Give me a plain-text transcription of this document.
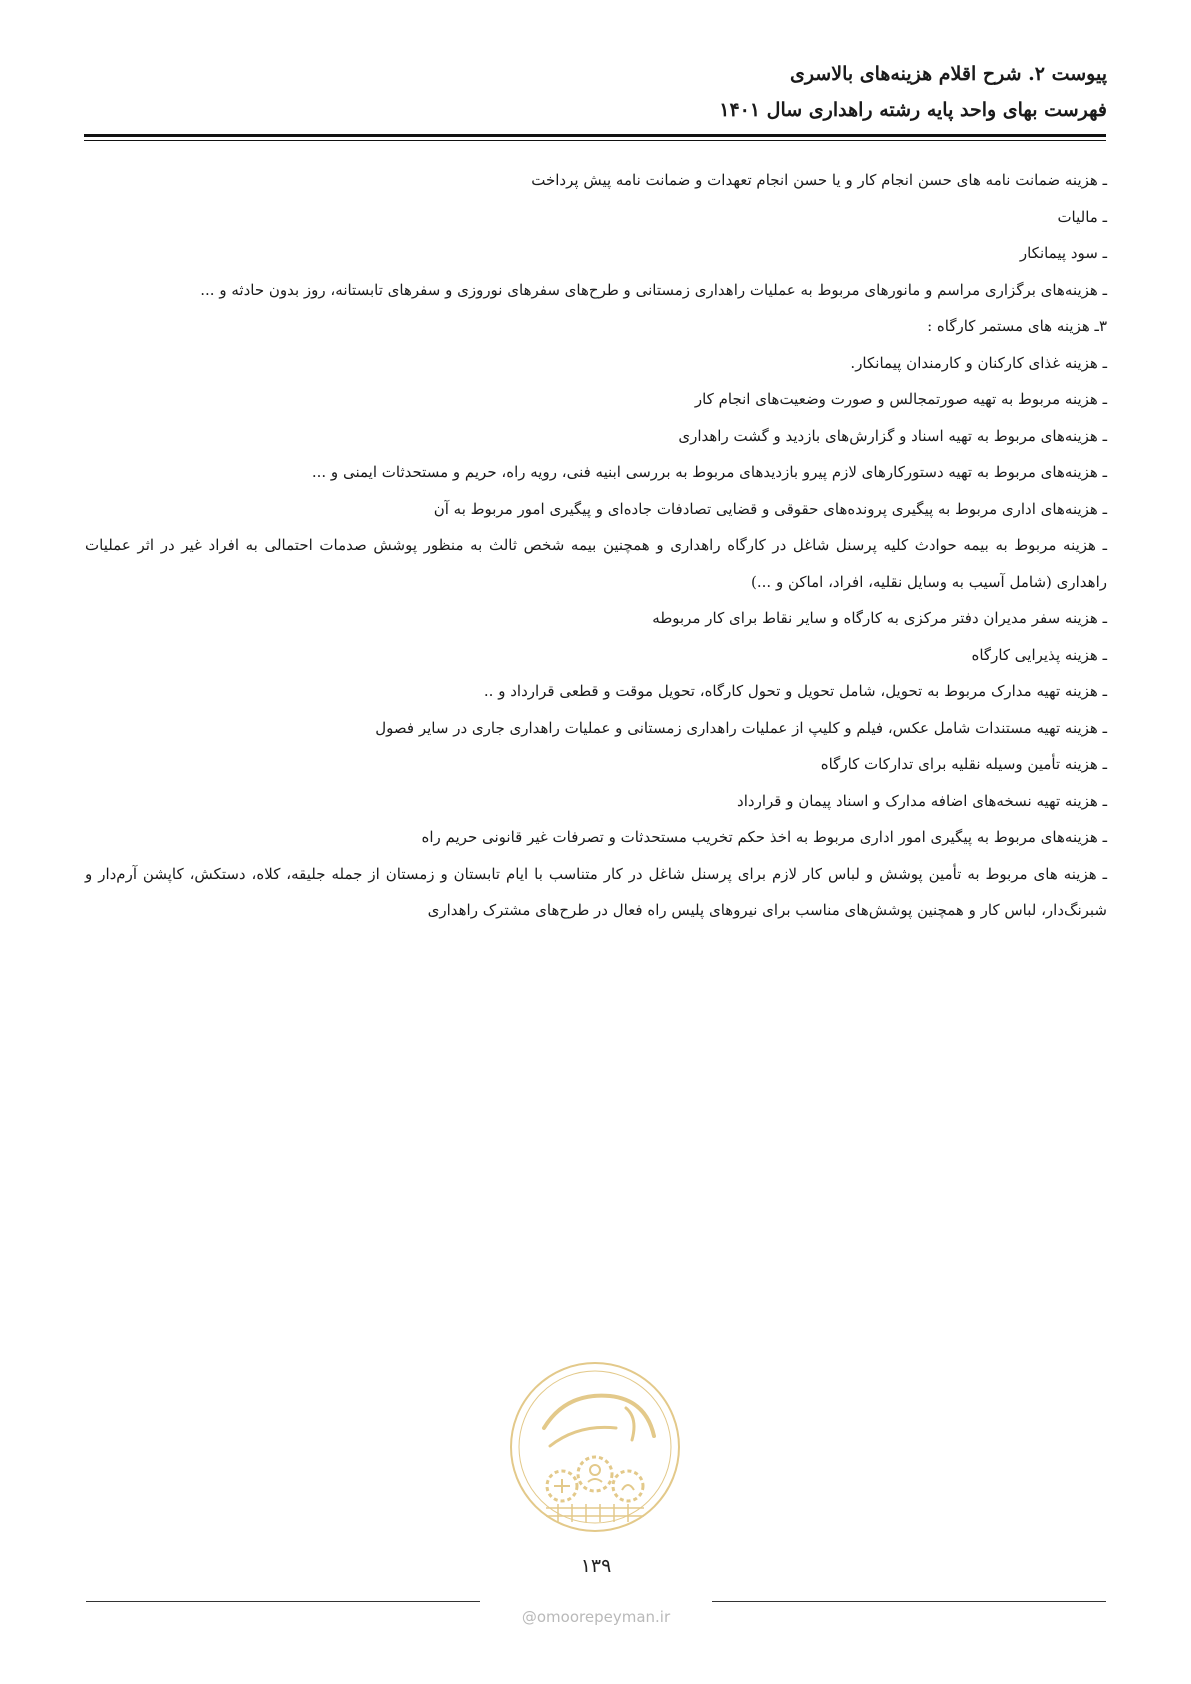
پیوست ۲. شرح اقلام هزینه‌های بالاسری
فهرست بهای واحد پایه رشته راهداری سال ۱۴۰۱

ـ هزینه ضمانت نامه های حسن انجام کار و یا حسن انجام تعهدات و ضمانت نامه پیش پرداخت

ـ مالیات

ـ سود پیمانکار

ـ هزینه‌های برگزاری مراسم و مانورهای مربوط به عملیات راهداری زمستانی و طرح‌های سفرهای نوروزی و سفرهای تابستانه، روز بدون حادثه و ...

۳ـ هزینه های مستمر کارگاه :

ـ هزینه غذای کارکنان و کارمندان پیمانکار.

ـ هزینه مربوط به تهیه صورتمجالس و صورت وضعیت‌های انجام کار

ـ هزینه‌های مربوط به تهیه اسناد و گزارش‌های بازدید و گشت راهداری

ـ هزینه‌های مربوط به تهیه دستورکارهای لازم پیرو بازدیدهای مربوط به بررسی ابنیه فنی، رویه راه، حریم و مستحدثات ایمنی و ...

ـ هزینه‌های اداری مربوط به پیگیری پرونده‌های حقوقی و قضایی تصادفات جاده‌ای و پیگیری امور مربوط به آن

ـ هزینه مربوط به بیمه حوادث کلیه پرسنل شاغل در کارگاه راهداری و همچنین بیمه شخص ثالث به منظور پوشش صدمات احتمالی به افراد غیر در اثر عملیات راهداری (شامل آسیب به وسایل نقلیه، افراد، اماکن و ...)

ـ هزینه سفر مدیران دفتر مرکزی به کارگاه و سایر نقاط برای کار مربوطه

ـ هزینه پذیرایی کارگاه

ـ هزینه تهیه مدارک مربوط به تحویل، شامل تحویل و تحول کارگاه، تحویل موقت و قطعی قرارداد و ..

ـ هزینه تهیه مستندات شامل عکس، فیلم و کلیپ از عملیات راهداری زمستانی و عملیات راهداری جاری در سایر فصول

ـ هزینه تأمین وسیله نقلیه برای تدارکات کارگاه

ـ هزینه تهیه نسخه‌های اضافه مدارک و اسناد پیمان و قرارداد

ـ هزینه‌های مربوط به پیگیری امور اداری مربوط به اخذ حکم تخریب مستحدثات و تصرفات غیر قانونی حریم راه

ـ هزینه های مربوط به تأمین پوشش و لباس کار لازم برای پرسنل شاغل در کار متناسب با ایام تابستان و زمستان از جمله جلیقه، کلاه، دستکش، کاپشن آرم‌دار و شبرنگ‌دار، لباس کار و همچنین پوشش‌های مناسب برای نیروهای پلیس راه فعال در طرح‌های مشترک راهداری

۱۳۹
@omoorepeyman.ir
